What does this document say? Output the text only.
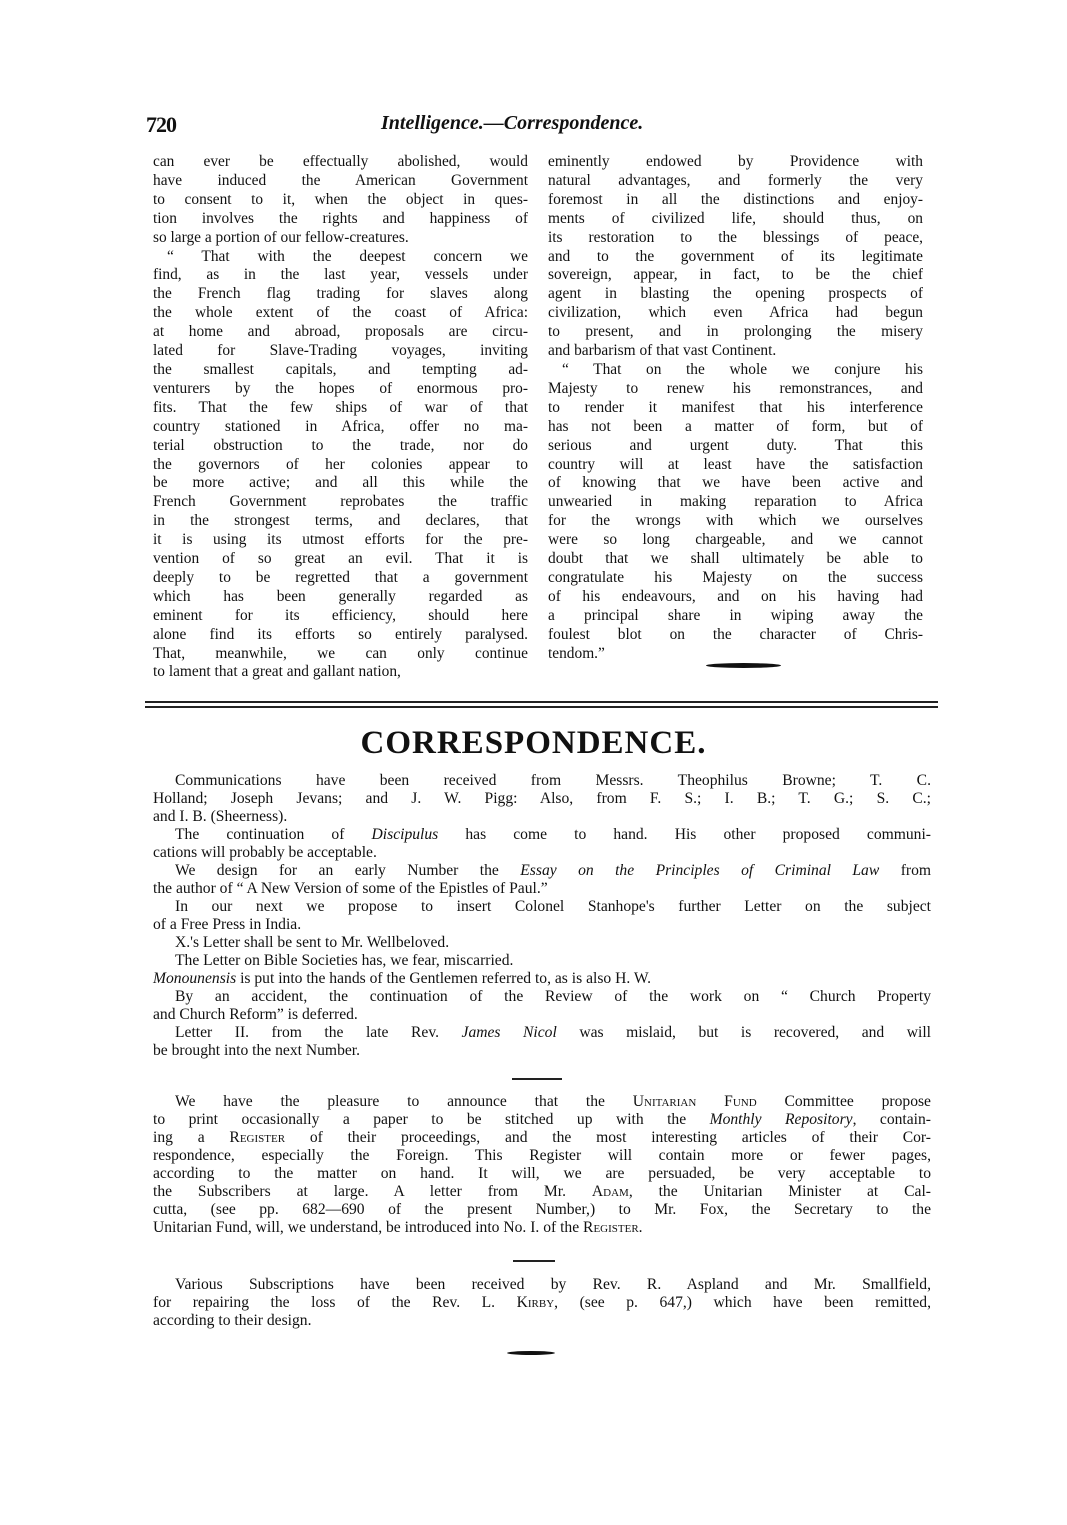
720	Intelligence.—Correspondence.
can ever be effectually abolished, would
have induced the American Government
to consent to it, when the object in ques-
tion involves the rights and happiness of
so large a portion of our fellow-creatures.
“ That with the deepest concern we
find, as in the last year, vessels under
the French flag trading for slaves along
the whole extent of the coast of Africa:
at home and abroad, proposals are circu-
lated for Slave-Trading voyages, inviting
the smallest capitals, and tempting ad-
venturers by the hopes of enormous pro-
fits. That the few ships of war of that
country stationed in Africa, offer no ma-
terial obstruction to the trade, nor do
the governors of her colonies appear to
be more active; and all this while the
French Government reprobates the traffic
in the strongest terms, and declares, that
it is using its utmost efforts for the pre-
vention of so great an evil. That it is
deeply to be regretted that a government
which has been generally regarded as
eminent for its efficiency, should here
alone find its efforts so entirely paralysed.
That, meanwhile, we can only continue
to lament that a great and gallant nation,
eminently endowed by Providence with
natural advantages, and formerly the very
foremost in all the distinctions and enjoy-
ments of civilized life, should thus, on
its restoration to the blessings of peace,
and to the government of its legitimate
sovereign, appear, in fact, to be the chief
agent in blasting the opening prospects of
civilization, which even Africa had begun
to present, and in prolonging the misery
and barbarism of that vast Continent.
“ That on the whole we conjure his
Majesty to renew his remonstrances, and
to render it manifest that his interference
has not been a matter of form, but of
serious and urgent duty. That this
country will at least have the satisfaction
of knowing that we have been active and
unwearied in making reparation to Africa
for the wrongs with which we ourselves
were so long chargeable, and we cannot
doubt that we shall ultimately be able to
congratulate his Majesty on the success
of his endeavours, and on his having had
a principal share in wiping away the
foulest blot on the character of Chris-
tendom.”
CORRESPONDENCE.

Communications have been received from Messrs. Theophilus Browne; T. C.
Holland; Joseph Jevans; and J. W. Pigg: Also, from F. S.; I. B.; T. G.; S. C.;
and I. B. (Sheerness).

The continuation of Discipulus has come to hand. His other proposed communi-
cations will probably be acceptable.

We design for an early Number the Essay on the Principles of Criminal Law from
the author of “ A New Version of some of the Epistles of Paul.”

In our next we propose to insert Colonel Stanhope's further Letter on the subject
of a Free Press in India.

X.'s Letter shall be sent to Mr. Wellbeloved.

The Letter on Bible Societies has, we fear, miscarried.

Monounensis is put into the hands of the Gentlemen referred to, as is also H. W.

By an accident, the continuation of the Review of the work on “ Church Property
and Church Reform” is deferred.

Letter II. from the late Rev. James Nicol was mislaid, but is recovered, and will
be brought into the next Number.

We have the pleasure to announce that the Unitarian Fund Committee propose
to print occasionally a paper to be stitched up with the Monthly Repository, contain-
ing a Register of their proceedings, and the most interesting articles of their Cor-
respondence, especially the Foreign. This Register will contain more or fewer pages,
according to the matter on hand. It will, we are persuaded, be very acceptable to
the Subscribers at large. A letter from Mr. Adam, the Unitarian Minister at Cal-
cutta, (see pp. 682—690 of the present Number,) to Mr. Fox, the Secretary to the
Unitarian Fund, will, we understand, be introduced into No. I. of the Register.

Various Subscriptions have been received by Rev. R. Aspland and Mr. Smallfield,
for repairing the loss of the Rev. L. Kirby, (see p. 647,) which have been remitted,
according to their design.
